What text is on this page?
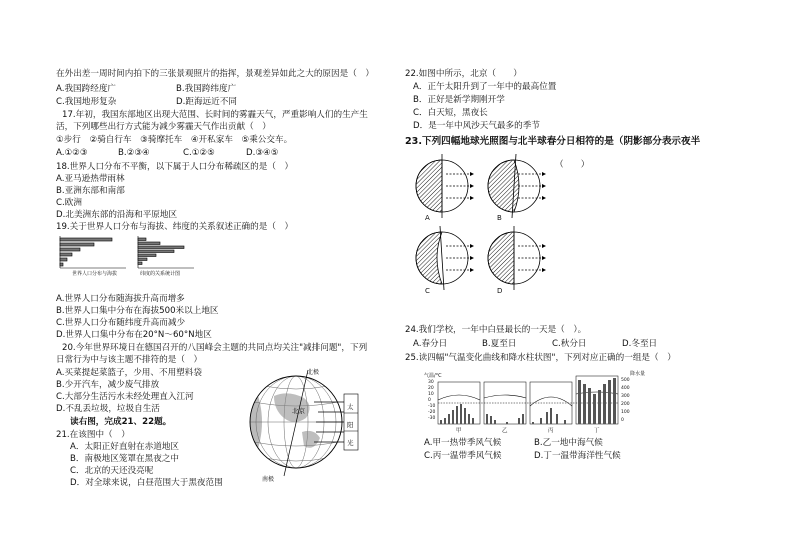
在外出差一周时间内拍下的三张景观照片的指挥，景观差异如此之大的原因是（　）
A.我国跨经度广	B.我国跨纬度广
C.我国地形复杂	D.距海远近不同
17.年初，我国东部地区出现大范围、长时间的雾霾天气，严重影响人们的生产生
活，下列哪些出行方式能为减少雾霾天气作出贡献（　）
①步行　②骑自行车　③骑摩托车　④开私家车　⑤乘公交车。
A.①②③	B.②③④	C.①②⑤	D.③④⑤
18.世界人口分布不平衡，以下属于人口分布稀疏区的是（　）
A.亚马逊热带雨林
B.亚洲东部和南部
C.欧洲
D.北美洲东部的沿海和平原地区
19.关于世界人口分布与海拔、纬度的关系叙述正确的是（　）
世界人口分布与海拔	纬度的关系统计图
A.世界人口分布随海拔升高而增多
B.世界人口集中分布在海拔500米以上地区
C.世界人口分布随纬度升高而减少
D.世界人口集中分布在20°N～60°N地区
20.今年世界环境日在德国召开的八国峰会主题的共同点均关注"减排问题"，下列
日常行为中与该主题不排符的是（　）
A.买菜提起菜篮子，少用、不用塑料袋
B.少开汽车，减少废气排放
C.大部分生活污水未经处理直入江河
D.不乱丢垃圾，垃圾自生活
读右图，完成21、22题。
21.在该图中（　）
A．太阳正好直射在赤道地区
B．南极地区笼罩在黑夜之中
C．北京的天还没亮呢
D．对全球来说，白昼范围大于黑夜范围
北极
南极
北京	太
阳
光
22.如图中所示，北京（　　）
A．正午太阳升到了一年中的最高位置
B．正好是新学期刚开学
C．白天短，黑夜长
D．是一年中风沙天气最多的季节
23.下列四幅地球光照图与北半球春分日相符的是（阴影部分表示夜半
（　　）
A	B
C	D
24.我们学校，一年中白昼最长的一天是（　）。
A.春分日	B.夏至日	C.秋分日	D.冬至日
25.读四幅"气温变化曲线和降水柱状图"，下列对应正确的一组是（　）
气温/°C	降水量
30
20
10
0
-10
-20
-30
500
400
300
200
100
0
甲	乙	丙	丁
A.甲一热带季风气候	B.乙一地中海气候
C.丙一温带季风气候	D.丁一温带海洋性气候
